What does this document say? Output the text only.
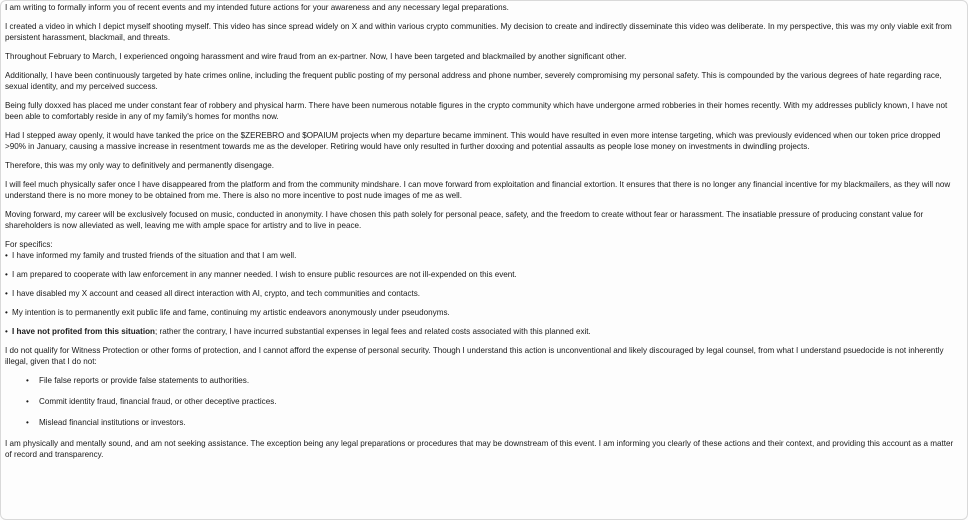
I am writing to formally inform you of recent events and my intended future actions for your awareness and any necessary legal preparations.

I created a video in which I depict myself shooting myself. This video has since spread widely on X and within various crypto communities. My decision to create and indirectly disseminate this video was deliberate. In my perspective, this was my only viable exit from persistent harassment, blackmail, and threats.

Throughout February to March, I experienced ongoing harassment and wire fraud from an ex-partner. Now, I have been targeted and blackmailed by another significant other.

Additionally, I have been continuously targeted by hate crimes online, including the frequent public posting of my personal address and phone number, severely compromising my personal safety. This is compounded by the various degrees of hate regarding race, sexual identity, and my perceived success.

Being fully doxxed has placed me under constant fear of robbery and physical harm. There have been numerous notable figures in the crypto community which have undergone armed robberies in their homes recently. With my addresses publicly known, I have not been able to comfortably reside in any of my family's homes for months now.

Had I stepped away openly, it would have tanked the price on the $ZEREBRO and $OPAIUM projects when my departure became imminent. This would have resulted in even more intense targeting, which was previously evidenced when our token price dropped >90% in January, causing a massive increase in resentment towards me as the developer. Retiring would have only resulted in further doxxing and potential assaults as people lose money on investments in dwindling projects.

Therefore, this was my only way to definitively and permanently disengage.

I will feel much physically safer once I have disappeared from the platform and from the community mindshare. I can move forward from exploitation and financial extortion. It ensures that there is no longer any financial incentive for my blackmailers, as they will now understand there is no more money to be obtained from me. There is also no more incentive to post nude images of me as well.

Moving forward, my career will be exclusively focused on music, conducted in anonymity. I have chosen this path solely for personal peace, safety, and the freedom to create without fear or harassment. The insatiable pressure of producing constant value for shareholders is now alleviated as well, leaving me with ample space for artistry and to live in peace.

For specifics:
• I have informed my family and trusted friends of the situation and that I am well.
• I am prepared to cooperate with law enforcement in any manner needed. I wish to ensure public resources are not ill-expended on this event.
• I have disabled my X account and ceased all direct interaction with AI, crypto, and tech communities and contacts.
• My intention is to permanently exit public life and fame, continuing my artistic endeavors anonymously under pseudonyms.
• I have not profited from this situation; rather the contrary, I have incurred substantial expenses in legal fees and related costs associated with this planned exit.

I do not qualify for Witness Protection or other forms of protection, and I cannot afford the expense of personal security. Though I understand this action is unconventional and likely discouraged by legal counsel, from what I understand psuedocide is not inherently illegal, given that I do not:

• File false reports or provide false statements to authorities.
• Commit identity fraud, financial fraud, or other deceptive practices.
• Mislead financial institutions or investors.

I am physically and mentally sound, and am not seeking assistance. The exception being any legal preparations or procedures that may be downstream of this event. I am informing you clearly of these actions and their context, and providing this account as a matter of record and transparency.
